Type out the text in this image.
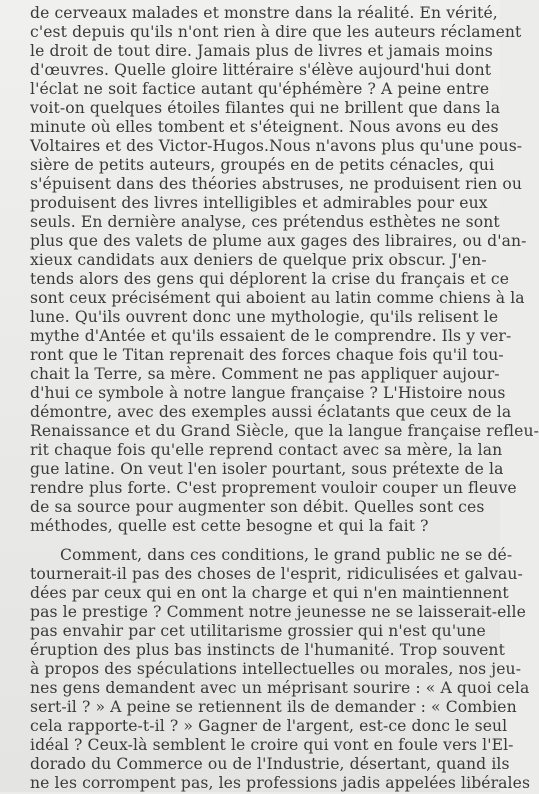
de cerveaux malades et monstre dans la réalité. En vérité,
c'est depuis qu'ils n'ont rien à dire que les auteurs réclament
le droit de tout dire. Jamais plus de livres et jamais moins
d'œuvres. Quelle gloire littéraire s'élève aujourd'hui dont
l'éclat ne soit factice autant qu'éphémère ? A peine entre
voit-on quelques étoiles filantes qui ne brillent que dans la
minute où elles tombent et s'éteignent. Nous avons eu des
Voltaires et des Victor-Hugos.Nous n'avons plus qu'une pous-
sière de petits auteurs, groupés en de petits cénacles, qui
s'épuisent dans des théories abstruses, ne produisent rien ou
produisent des livres intelligibles et admirables pour eux
seuls. En dernière analyse, ces prétendus esthètes ne sont
plus que des valets de plume aux gages des libraires, ou d'an-
xieux candidats aux deniers de quelque prix obscur. J'en-
tends alors des gens qui déplorent la crise du français et ce
sont ceux précisément qui aboient au latin comme chiens à la
lune. Qu'ils ouvrent donc une mythologie, qu'ils relisent le
mythe d'Antée et qu'ils essaient de le comprendre. Ils y ver-
ront que le Titan reprenait des forces chaque fois qu'il tou-
chait la Terre, sa mère. Comment ne pas appliquer aujour-
d'hui ce symbole à notre langue française ? L'Histoire nous
démontre, avec des exemples aussi éclatants que ceux de la
Renaissance et du Grand Siècle, que la langue française refleu-
rit chaque fois qu'elle reprend contact avec sa mère, la lan
gue latine. On veut l'en isoler pourtant, sous prétexte de la
rendre plus forte. C'est proprement vouloir couper un fleuve
de sa source pour augmenter son débit. Quelles sont ces
méthodes, quelle est cette besogne et qui la fait ?
Comment, dans ces conditions, le grand public ne se dé-
tournerait-il pas des choses de l'esprit, ridiculisées et galvau-
dées par ceux qui en ont la charge et qui n'en maintiennent
pas le prestige ? Comment notre jeunesse ne se laisserait-elle
pas envahir par cet utilitarisme grossier qui n'est qu'une
éruption des plus bas instincts de l'humanité. Trop souvent
à propos des spéculations intellectuelles ou morales, nos jeu-
nes gens demandent avec un méprisant sourire : « A quoi cela
sert-il ? » A peine se retiennent ils de demander : « Combien
cela rapporte-t-il ? » Gagner de l'argent, est-ce donc le seul
idéal ? Ceux-là semblent le croire qui vont en foule vers l'El-
dorado du Commerce ou de l'Industrie, désertant, quand ils
ne les corrompent pas, les professions jadis appelées libérales
